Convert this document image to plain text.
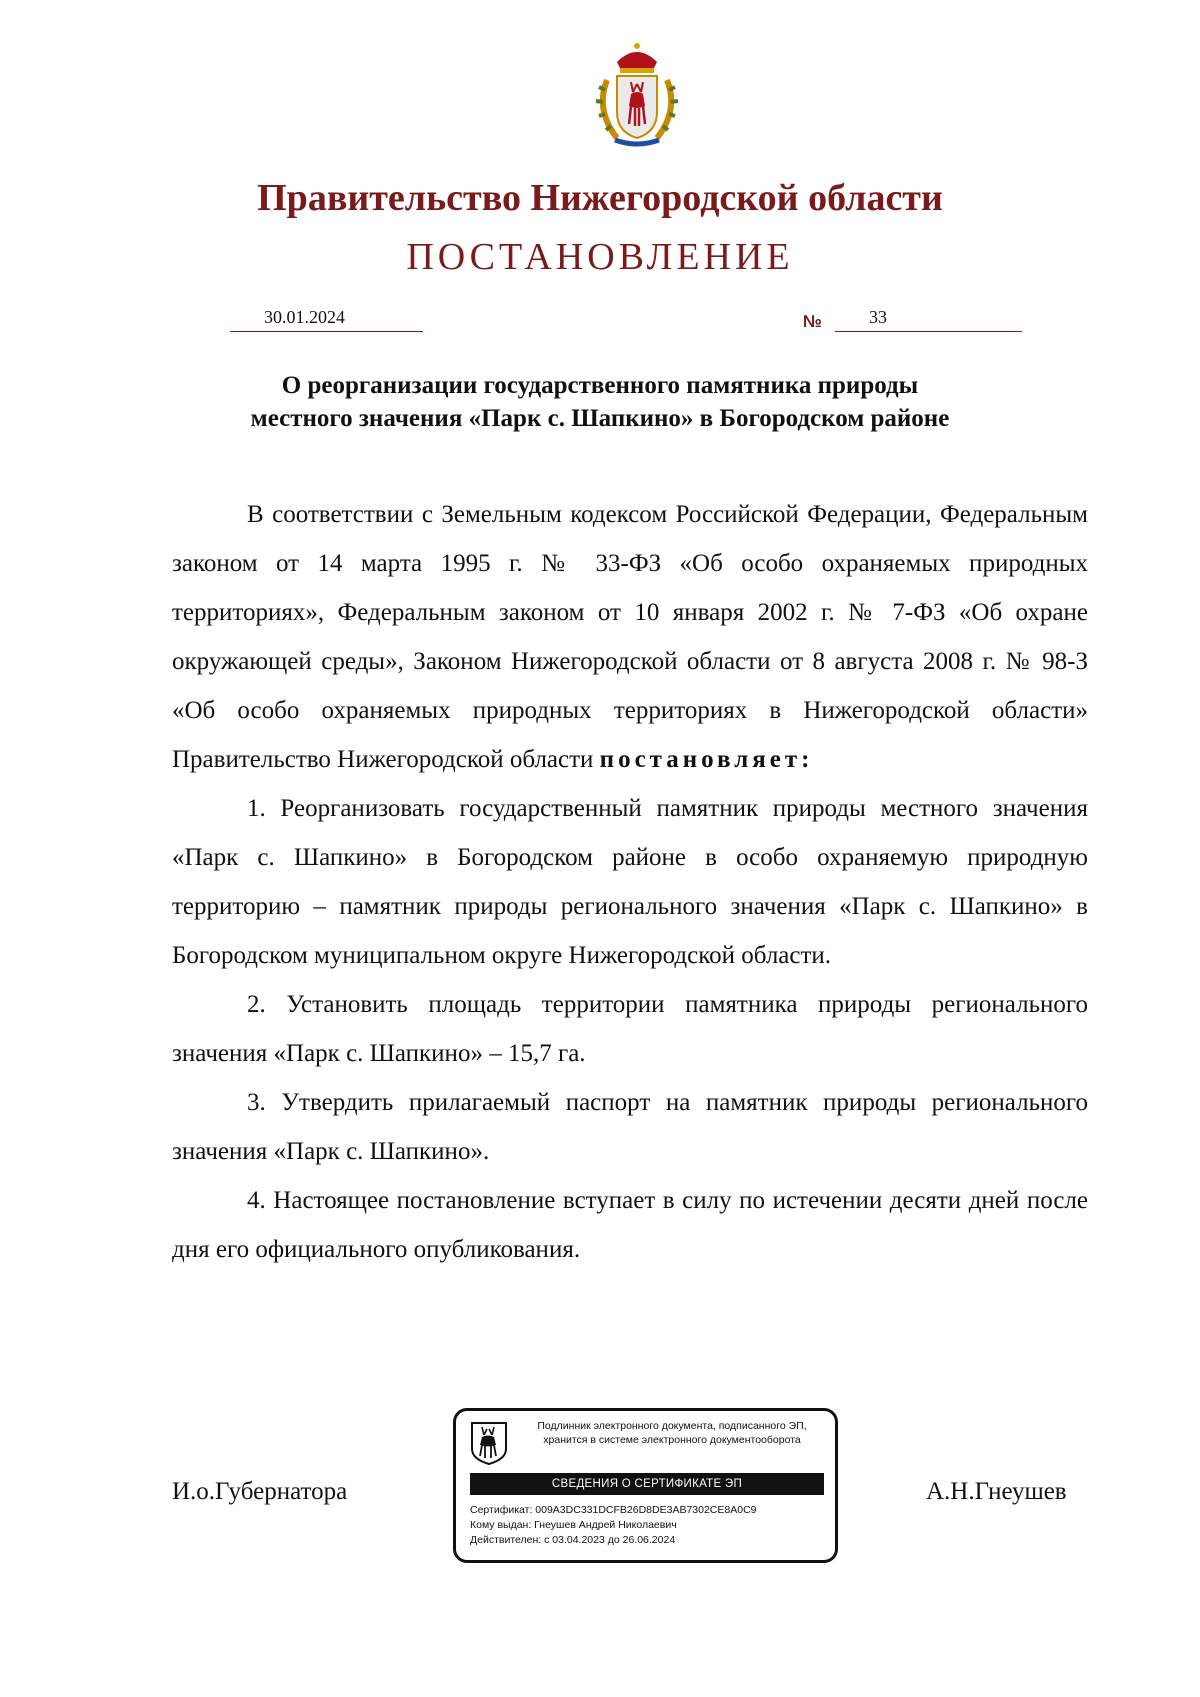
Правительство Нижегородской области
ПОСТАНОВЛЕНИЕ
30.01.2024	№	33
О реорганизации государственного памятника природы
местного значения «Парк с. Шапкино» в Богородском районе

В соответствии с Земельным кодексом Российской Федерации, Федеральным законом от 14 марта 1995 г. № 33-ФЗ «Об особо охраняемых природных территориях», Федеральным законом от 10 января 2002 г. № 7-ФЗ «Об охране окружающей среды», Законом Нижегородской области от 8 августа 2008 г. № 98-З «Об особо охраняемых природных территориях в Нижегородской области» Правительство Нижегородской области постановляет:

1. Реорганизовать государственный памятник природы местного значения «Парк с. Шапкино» в Богородском районе в особо охраняемую природную территорию – памятник природы регионального значения «Парк с. Шапкино» в Богородском муниципальном округе Нижегородской области.

2. Установить площадь территории памятника природы регионального значения «Парк с. Шапкино» – 15,7 га.

3. Утвердить прилагаемый паспорт на памятник природы регионального значения «Парк с. Шапкино».

4. Настоящее постановление вступает в силу по истечении десяти дней после дня его официального опубликования.

И.о.Губернатора
Подлинник электронного документа, подписанного ЭП,
хранится в системе электронного документооборота
СВЕДЕНИЯ О СЕРТИФИКАТЕ ЭП
Сертификат: 009A3DC331DCFB26D8DE3AB7302CE8A0C9
Кому выдан: Гнеушев Андрей Николаевич
Действителен: с 03.04.2023 до 26.06.2024
А.Н.Гнеушев
